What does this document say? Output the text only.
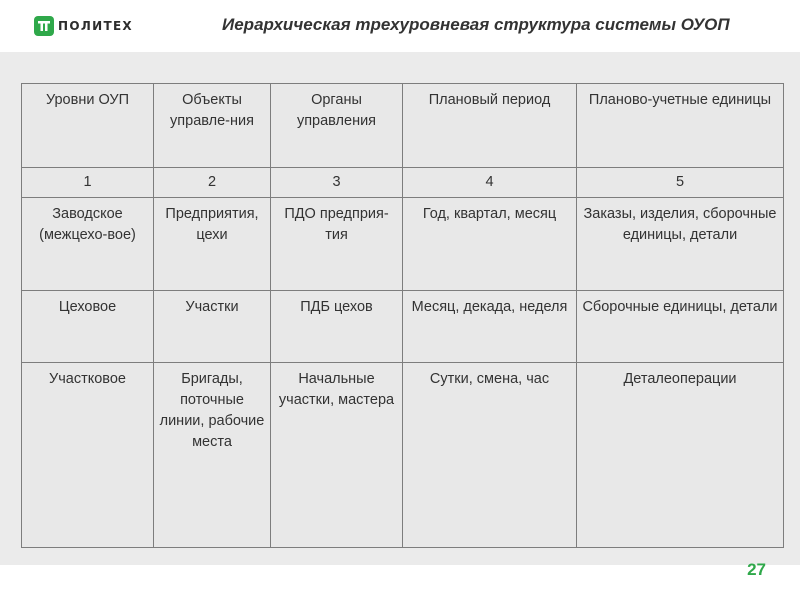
ПОЛИТЕХ	Иерархическая трехуровневая структура системы ОУОП
Уровни ОУП	Объекты управле-ния	Органы управления	Плановый период	Планово-учетные единицы
1	2	3	4	5
Заводское (межцехо-вое)	Предприятия, цехи	ПДО предприя-тия	Год, квартал, месяц	Заказы, изделия, сборочные единицы, детали
Цеховое	Участки	ПДБ цехов	Месяц, декада, неделя	Сборочные единицы, детали
Участковое	Бригады, поточные линии, рабочие места	Начальные участки, мастера	Сутки, смена, час	Деталеоперации
27
